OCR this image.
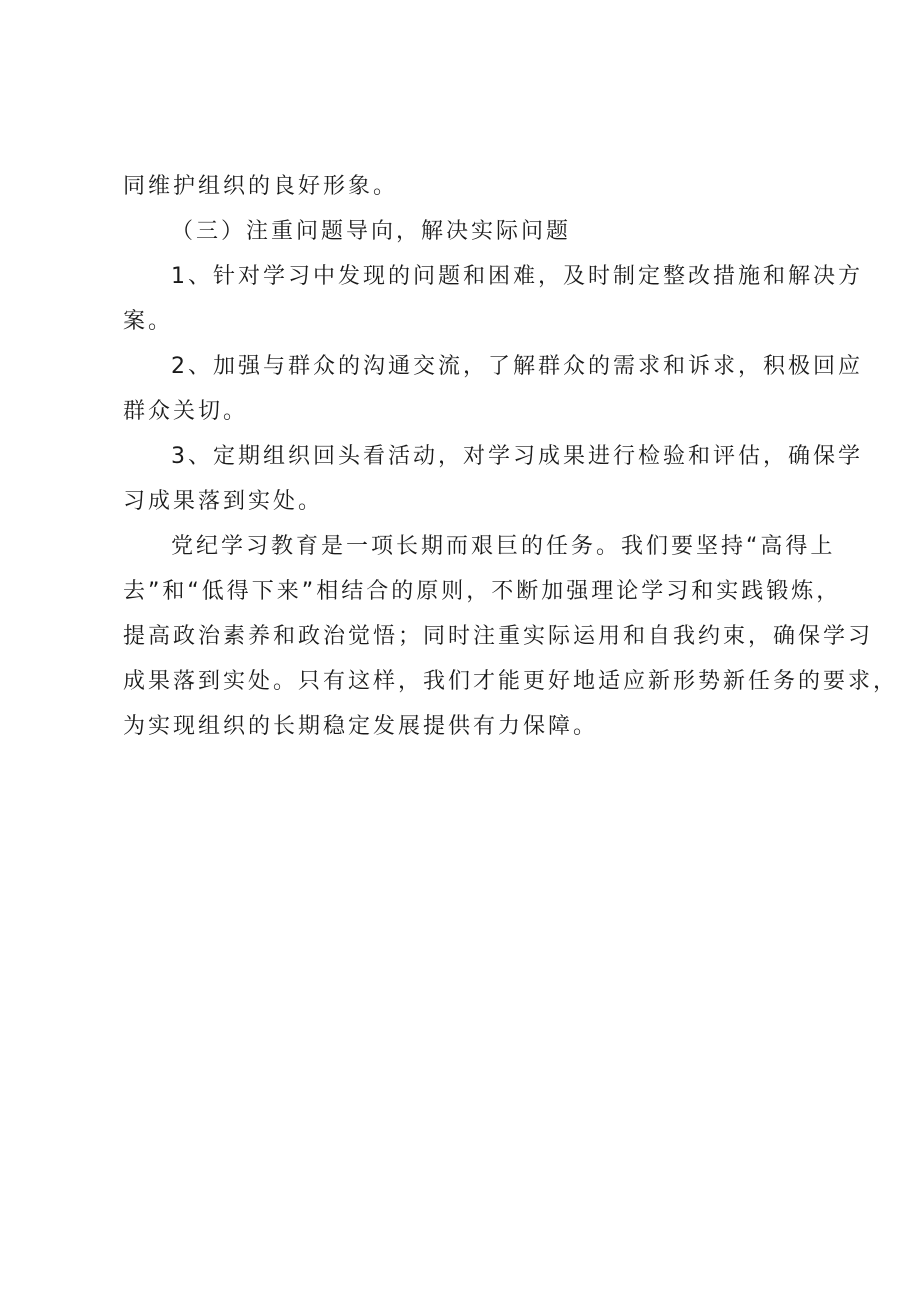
同维护组织的良好形象。
（三）注重问题导向，解决实际问题
1、针对学习中发现的问题和困难，及时制定整改措施和解决方
案。
2、加强与群众的沟通交流，了解群众的需求和诉求，积极回应
群众关切。
3、定期组织回头看活动，对学习成果进行检验和评估，确保学
习成果落到实处。
党纪学习教育是一项长期而艰巨的任务。我们要坚持“高得上
去”和“低得下来”相结合的原则，不断加强理论学习和实践锻炼，
提高政治素养和政治觉悟；同时注重实际运用和自我约束，确保学习
成果落到实处。只有这样，我们才能更好地适应新形势新任务的要求，
为实现组织的长期稳定发展提供有力保障。
